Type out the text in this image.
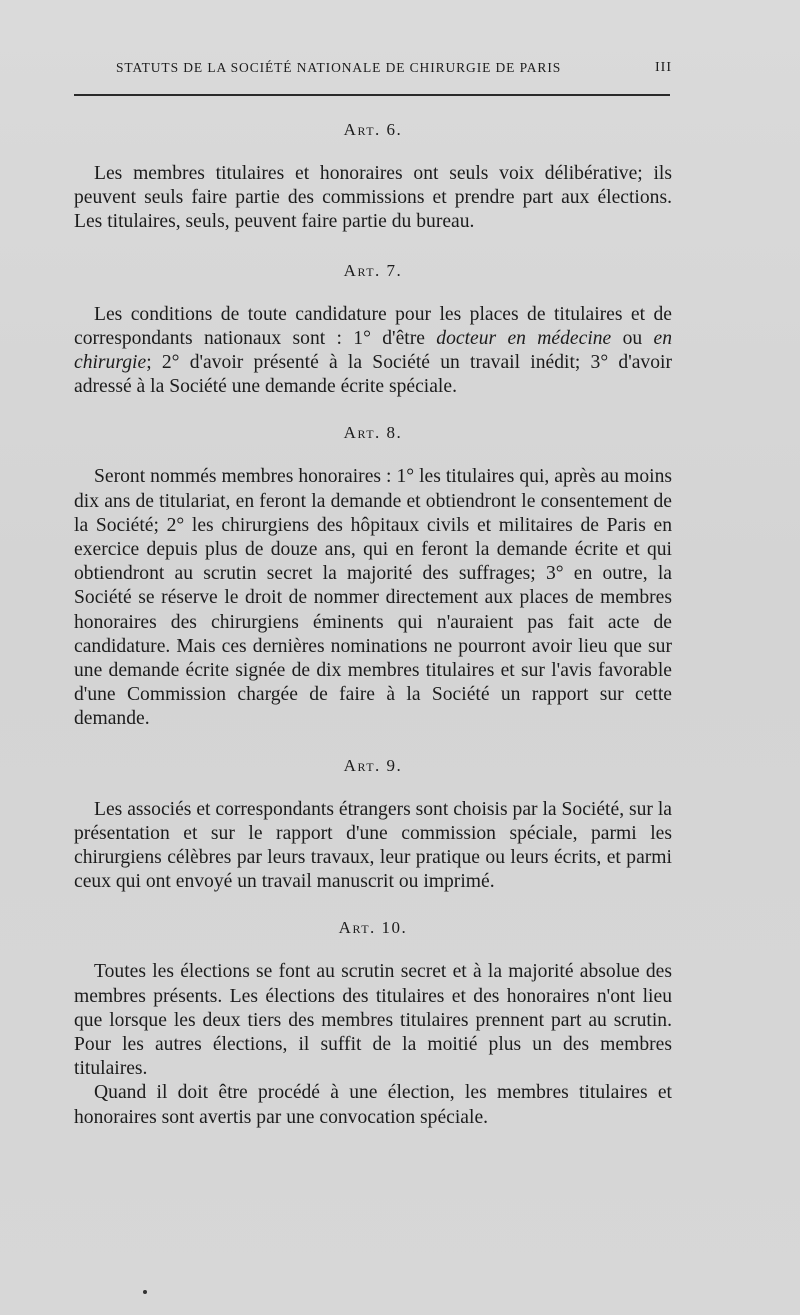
STATUTS DE LA SOCIÉTÉ NATIONALE DE CHIRURGIE DE PARIS	III
Art. 6.

Les membres titulaires et honoraires ont seuls voix délibérative; ils peuvent seuls faire partie des commissions et prendre part aux élections. Les titulaires, seuls, peuvent faire partie du bureau.

Art. 7.

Les conditions de toute candidature pour les places de titulaires et de correspondants nationaux sont : 1° d'être docteur en médecine ou en chirurgie; 2° d'avoir présenté à la Société un travail inédit; 3° d'avoir adressé à la Société une demande écrite spéciale.

Art. 8.

Seront nommés membres honoraires : 1° les titulaires qui, après au moins dix ans de titulariat, en feront la demande et obtiendront le consentement de la Société; 2° les chirurgiens des hôpitaux civils et militaires de Paris en exercice depuis plus de douze ans, qui en feront la demande écrite et qui obtiendront au scrutin secret la majorité des suffrages; 3° en outre, la Société se réserve le droit de nommer directement aux places de membres honoraires des chirurgiens éminents qui n'auraient pas fait acte de candidature. Mais ces dernières nominations ne pourront avoir lieu que sur une demande écrite signée de dix membres titulaires et sur l'avis favorable d'une Commission chargée de faire à la Société un rapport sur cette demande.

Art. 9.

Les associés et correspondants étrangers sont choisis par la Société, sur la présentation et sur le rapport d'une commission spéciale, parmi les chirurgiens célèbres par leurs travaux, leur pratique ou leurs écrits, et parmi ceux qui ont envoyé un travail manuscrit ou imprimé.

Art. 10.

Toutes les élections se font au scrutin secret et à la majorité absolue des membres présents. Les élections des titulaires et des honoraires n'ont lieu que lorsque les deux tiers des membres titulaires prennent part au scrutin. Pour les autres élections, il suffit de la moitié plus un des membres titulaires.

Quand il doit être procédé à une élection, les membres titulaires et honoraires sont avertis par une convocation spéciale.
